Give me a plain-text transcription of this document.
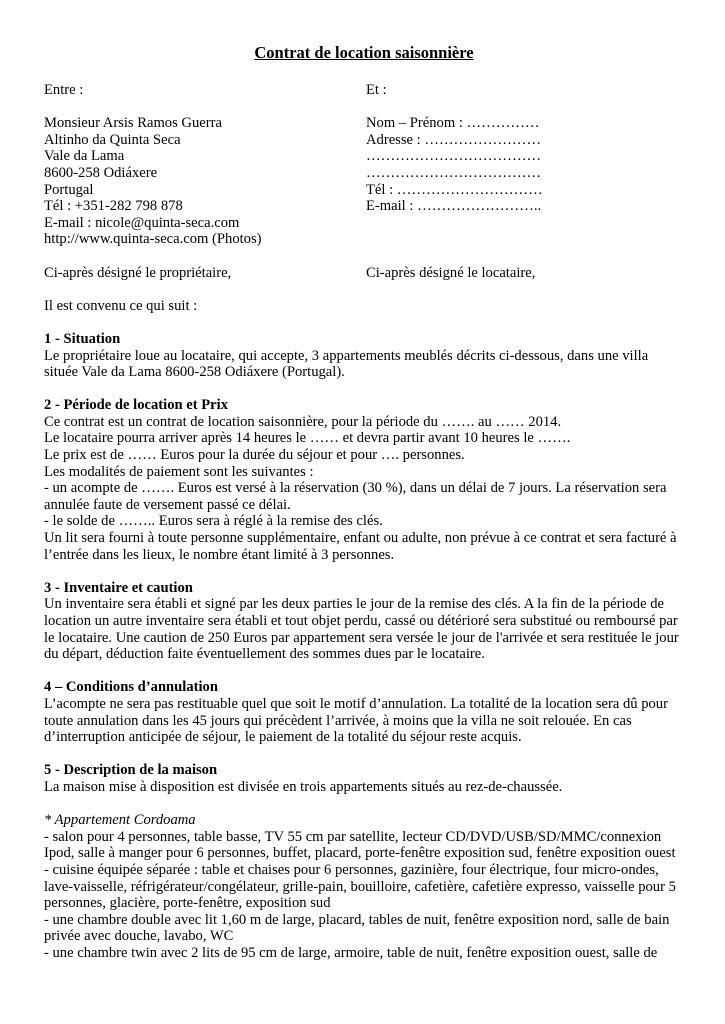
Contrat de location saisonnière
Entre :
Monsieur Arsis Ramos Guerra
Altinho da Quinta Seca
Vale da Lama
8600-258 Odiáxere
Portugal
Tél : +351-282 798 878
E-mail : nicole@quinta-seca.com
http://www.quinta-seca.com (Photos)
Ci-après désigné le propriétaire,
Et :
Nom – Prénom : ……………
Adresse : ……………………
………………………………
………………………………
Tél : …………………………
E-mail : ……………………..
Ci-après désigné le locataire,
Il est convenu ce qui suit :
1 - Situation
Le propriétaire loue au locataire, qui accepte, 3 appartements meublés décrits ci-dessous, dans une villa
située Vale da Lama 8600-258 Odiáxere (Portugal).
2 - Période de location et Prix
Ce contrat est un contrat de location saisonnière, pour la période du ……. au …… 2014.
Le locataire pourra arriver après 14 heures le …… et devra partir avant 10 heures le …….
Le prix est de …… Euros pour la durée du séjour et pour …. personnes.
Les modalités de paiement sont les suivantes :
- un acompte de ……. Euros est versé à la réservation (30 %), dans un délai de 7 jours. La réservation sera
annulée faute de versement passé ce délai.
- le solde de …….. Euros sera à réglé à la remise des clés.
Un lit sera fourni à toute personne supplémentaire, enfant ou adulte, non prévue à ce contrat et sera facturé à
l’entrée dans les lieux, le nombre étant limité à 3 personnes.
3 - Inventaire et caution
Un inventaire sera établi et signé par les deux parties le jour de la remise des clés. A la fin de la période de
location un autre inventaire sera établi et tout objet perdu, cassé ou détérioré sera substitué ou remboursé par
le locataire. Une caution de 250 Euros par appartement sera versée le jour de l'arrivée et sera restituée le jour
du départ, déduction faite éventuellement des sommes dues par le locataire.
4 – Conditions d’annulation
L’acompte ne sera pas restituable quel que soit le motif d’annulation. La totalité de la location sera dû pour
toute annulation dans les 45 jours qui précèdent l’arrivée, à moins que la villa ne soit relouée. En cas
d’interruption anticipée de séjour, le paiement de la totalité du séjour reste acquis.
5 - Description de la maison
La maison mise à disposition est divisée en trois appartements situés au rez-de-chaussée.
* Appartement Cordoama
- salon pour 4 personnes, table basse, TV 55 cm par satellite, lecteur CD/DVD/USB/SD/MMC/connexion
Ipod, salle à manger pour 6 personnes, buffet, placard, porte-fenêtre exposition sud, fenêtre exposition ouest
- cuisine équipée séparée : table et chaises pour 6 personnes, gazinière, four électrique, four micro-ondes,
lave-vaisselle, réfrigérateur/congélateur, grille-pain, bouilloire, cafetière, cafetière expresso, vaisselle pour 5
personnes, glacière, porte-fenêtre, exposition sud
- une chambre double avec lit 1,60 m de large, placard, tables de nuit, fenêtre exposition nord, salle de bain
privée avec douche, lavabo, WC
- une chambre twin avec 2 lits de 95 cm de large, armoire, table de nuit, fenêtre exposition ouest, salle de
